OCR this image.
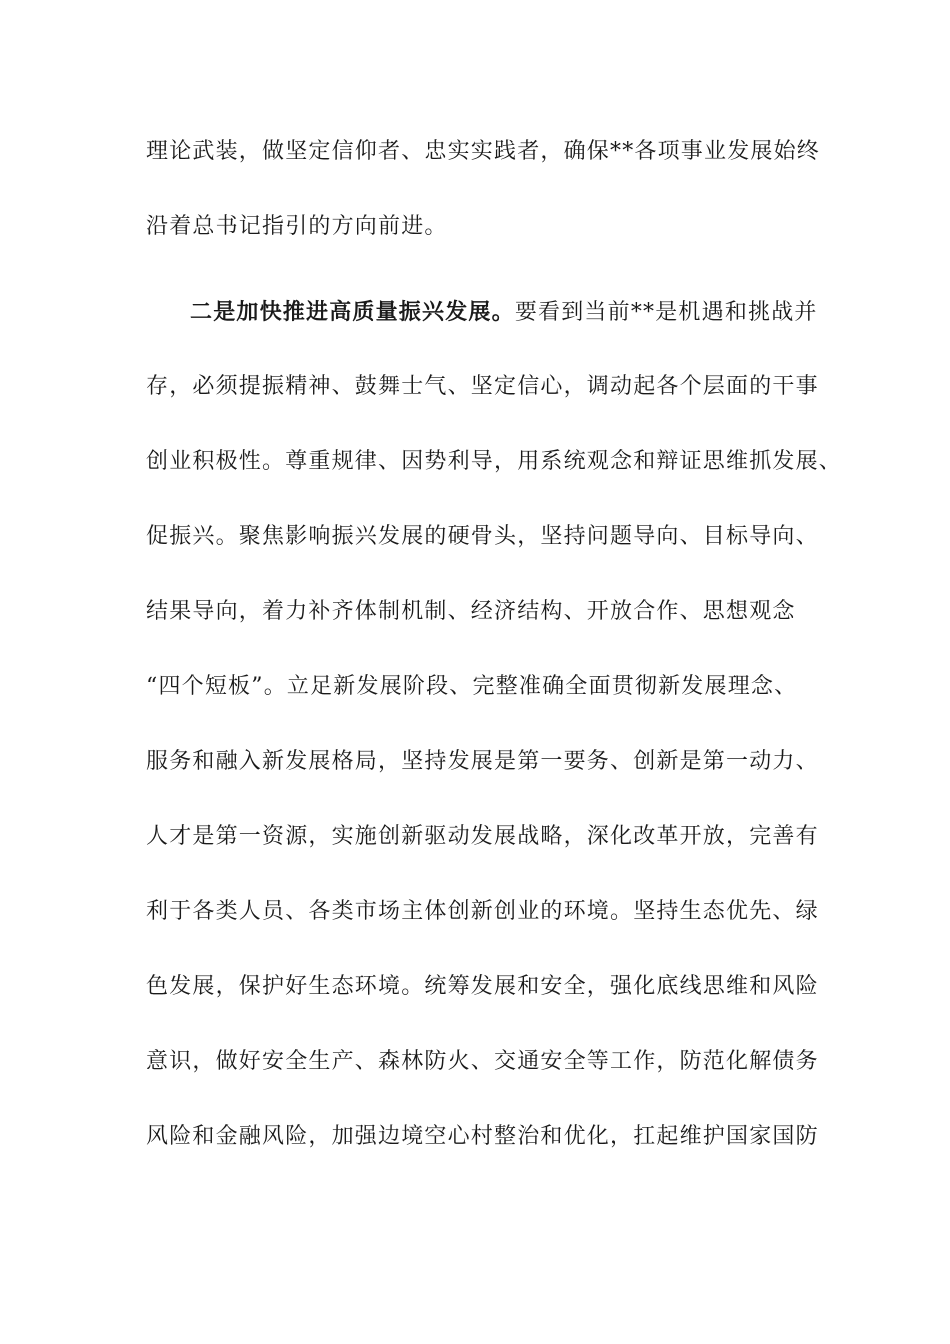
理论武装，做坚定信仰者、忠实实践者，确保**各项事业发展始终
沿着总书记指引的方向前进。
二是加快推进高质量振兴发展。要看到当前**是机遇和挑战并
存，必须提振精神、鼓舞士气、坚定信心，调动起各个层面的干事
创业积极性。尊重规律、因势利导，用系统观念和辩证思维抓发展、
促振兴。聚焦影响振兴发展的硬骨头，坚持问题导向、目标导向、
结果导向，着力补齐体制机制、经济结构、开放合作、思想观念
“四个短板”。立足新发展阶段、完整准确全面贯彻新发展理念、
服务和融入新发展格局，坚持发展是第一要务、创新是第一动力、
人才是第一资源，实施创新驱动发展战略，深化改革开放，完善有
利于各类人员、各类市场主体创新创业的环境。坚持生态优先、绿
色发展，保护好生态环境。统筹发展和安全，强化底线思维和风险
意识，做好安全生产、森林防火、交通安全等工作，防范化解债务
风险和金融风险，加强边境空心村整治和优化，扛起维护国家国防
